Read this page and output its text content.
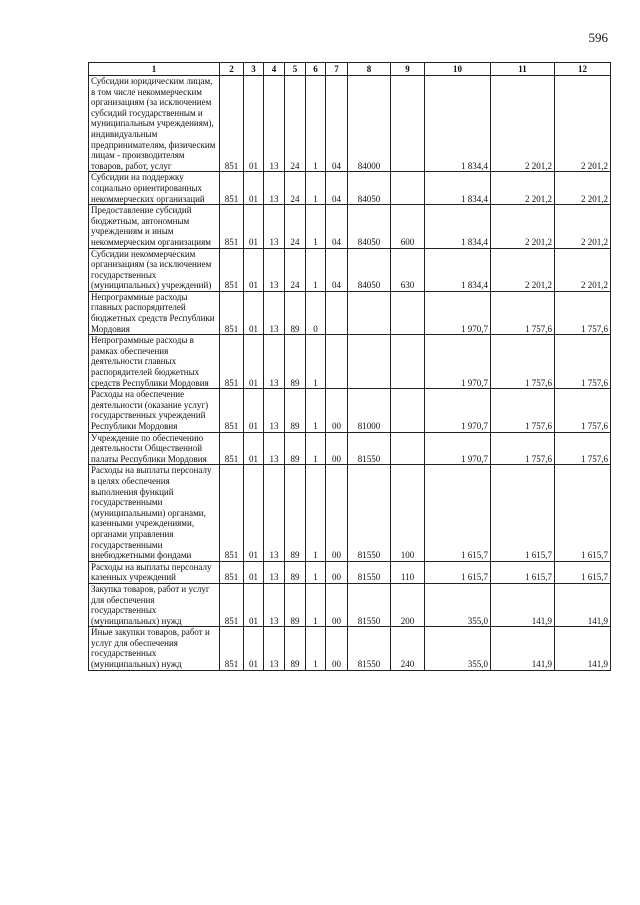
596
1	2	3	4	5	6	7	8	9	10	11	12

Субсидии юридическим лицам, в том числе некоммерческим организациям (за исключением субсидий государственным и муниципальным учреждениям), индивидуальным предпринимателям, физическим лицам - производителям товаров, работ, услуг	851	01	13	24	1	04	84000		1 834,4	2 201,2	2 201,2

Субсидии на поддержку социально ориентированных некоммерческих организаций	851	01	13	24	1	04	84050		1 834,4	2 201,2	2 201,2

Предоставление субсидий бюджетным, автономным учреждениям и иным некоммерческим организациям	851	01	13	24	1	04	84050	600	1 834,4	2 201,2	2 201,2

Субсидии некоммерческим организациям (за исключением государственных (муниципальных) учреждений)	851	01	13	24	1	04	84050	630	1 834,4	2 201,2	2 201,2

Непрограммные расходы главных распорядителей бюджетных средств Республики Мордовия	851	01	13	89	0				1 970,7	1 757,6	1 757,6

Непрограммные расходы в рамках обеспечения деятельности главных распорядителей бюджетных средств Республики Мордовия	851	01	13	89	1				1 970,7	1 757,6	1 757,6

Расходы на обеспечение деятельности (оказание услуг) государственных учреждений Республики Мордовия	851	01	13	89	1	00	81000		1 970,7	1 757,6	1 757,6

Учреждение по обеспечению деятельности Общественной палаты Республики Мордовия	851	01	13	89	1	00	81550		1 970,7	1 757,6	1 757,6

Расходы на выплаты персоналу в целях обеспечения выполнения функций государственными (муниципальными) органами, казенными учреждениями, органами управления государственными внебюджетными фондами	851	01	13	89	1	00	81550	100	1 615,7	1 615,7	1 615,7

Расходы на выплаты персоналу казенных учреждений	851	01	13	89	1	00	81550	110	1 615,7	1 615,7	1 615,7

Закупка товаров, работ и услуг для обеспечения государственных (муниципальных) нужд	851	01	13	89	1	00	81550	200	355,0	141,9	141,9

Иные закупки товаров, работ и услуг для обеспечения государственных (муниципальных) нужд	851	01	13	89	1	00	81550	240	355,0	141,9	141,9
